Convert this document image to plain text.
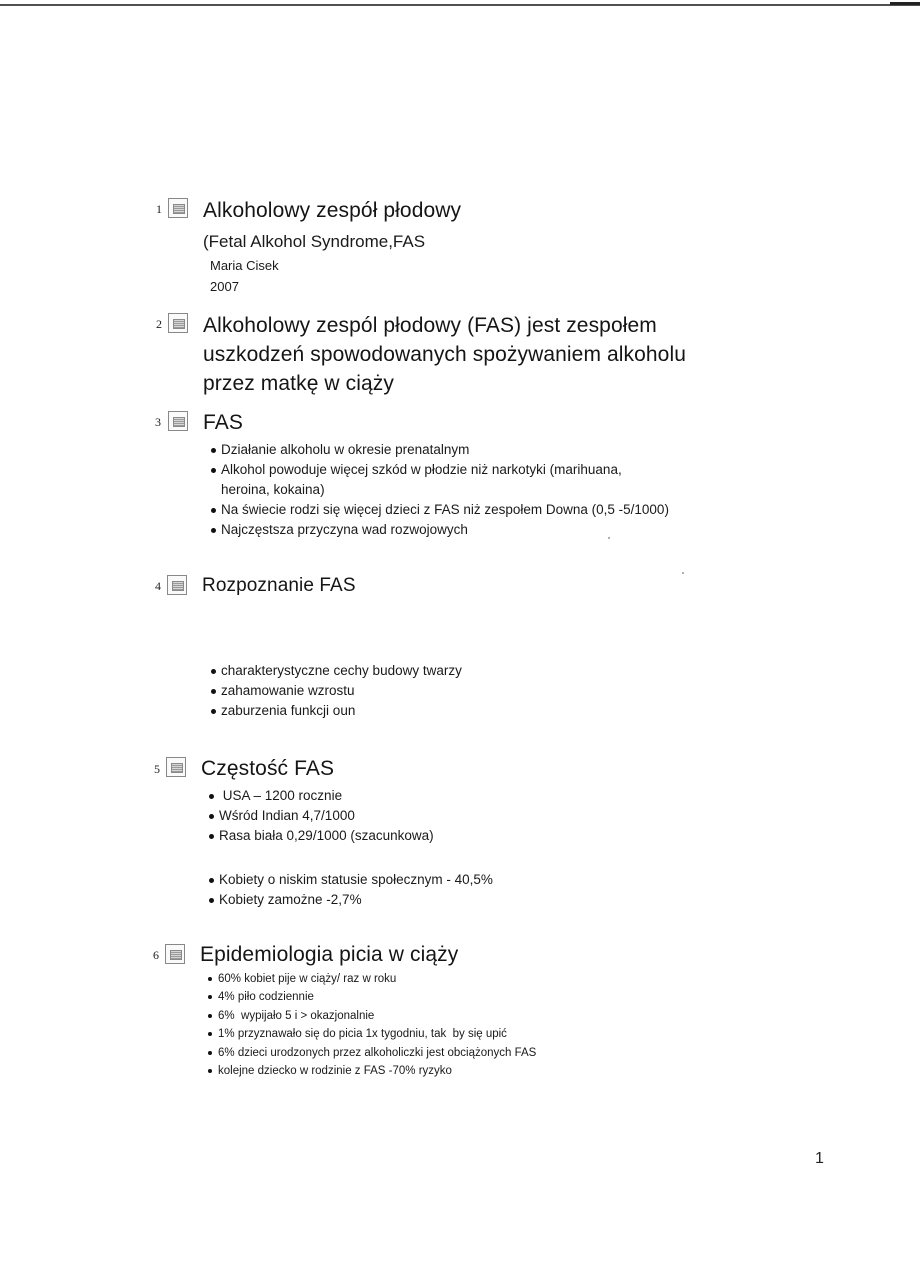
1 Alkoholowy zespół płodowy
(Fetal Alkohol Syndrome,FAS
Maria Cisek
2007
2 Alkoholowy zespól płodowy (FAS) jest zespołem
uszkodzeń spowodowanych spożywaniem alkoholu
przez matkę w ciąży
3 FAS
Działanie alkoholu w okresie prenatalnym
Alkohol powoduje więcej szkód w płodzie niż narkotyki (marihuana,
heroina, kokaina)
Na świecie rodzi się więcej dzieci z FAS niż zespołem Downa (0,5 -5/1000)
Najczęstsza przyczyna wad rozwojowych
4 Rozpoznanie FAS
charakterystyczne cechy budowy twarzy
zahamowanie wzrostu
zaburzenia funkcji oun
5 Częstość FAS
USA – 1200 rocznie
Wśród Indian 4,7/1000
Rasa biała 0,29/1000 (szacunkowa)
Kobiety o niskim statusie społecznym - 40,5%
Kobiety zamożne -2,7%
6 Epidemiologia picia w ciąży
60% kobiet pije w ciąży/ raz w roku
4% piło codziennie
6%  wypijało 5 i > okazjonalnie
1% przyznawało się do picia 1x tygodniu, tak  by się upić
6% dzieci urodzonych przez alkoholiczki jest obciążonych FAS
kolejne dziecko w rodzinie z FAS -70% ryzyko
1
